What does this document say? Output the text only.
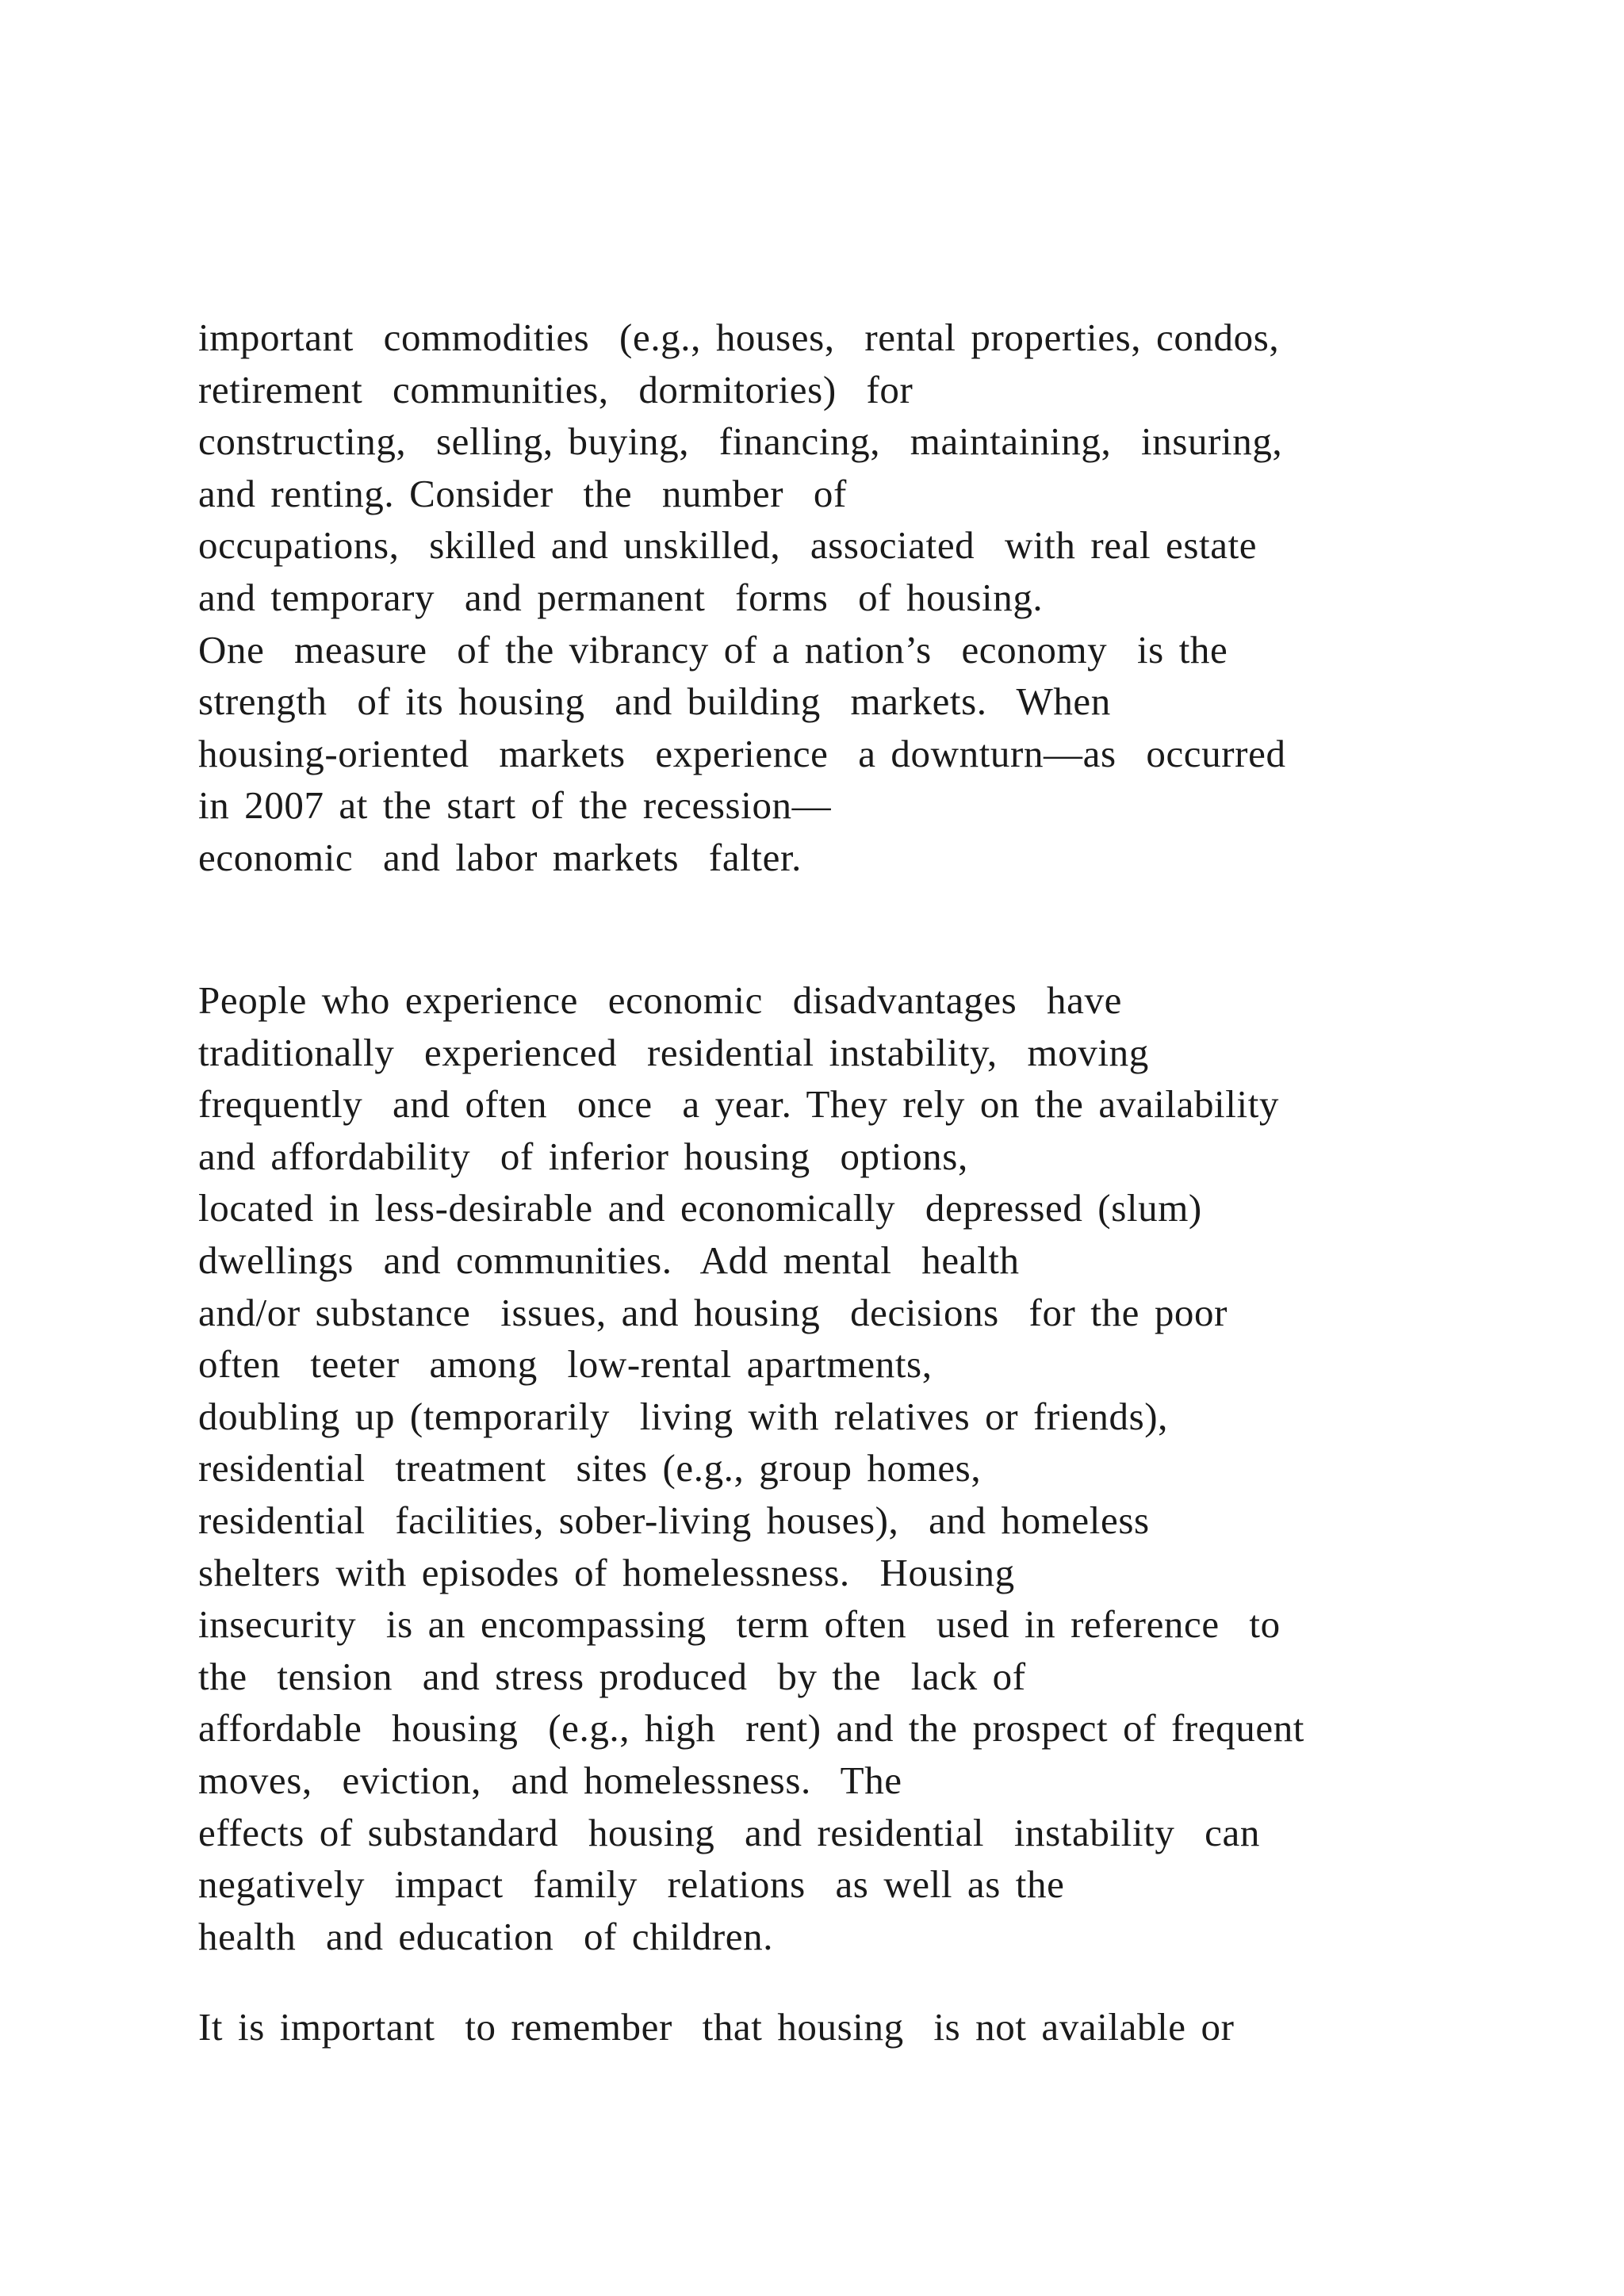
important  commodities  (e.g., houses,  rental properties, condos,
retirement  communities,  dormitories)  for
constructing,  selling, buying,  financing,  maintaining,  insuring,
and renting. Consider  the  number  of
occupations,  skilled and unskilled,  associated  with real estate
and temporary  and permanent  forms  of housing.
One  measure  of the vibrancy of a nation’s  economy  is the
strength  of its housing  and building  markets.  When
housing-oriented  markets  experience  a downturn—as  occurred
in 2007 at the start of the recession—
economic  and labor markets  falter.
People who experience  economic  disadvantages  have
traditionally  experienced  residential instability,  moving
frequently  and often  once  a year. They rely on the availability
and affordability  of inferior housing  options,
located in less-desirable and economically  depressed (slum)
dwellings  and communities.  Add mental  health
and/or substance  issues, and housing  decisions  for the poor
often  teeter  among  low-rental apartments,
doubling up (temporarily  living with relatives or friends),
residential  treatment  sites (e.g., group homes,
residential  facilities, sober-living houses),  and homeless
shelters with episodes of homelessness.  Housing
insecurity  is an encompassing  term often  used in reference  to
the  tension  and stress produced  by the  lack of
affordable  housing  (e.g., high  rent) and the prospect of frequent
moves,  eviction,  and homelessness.  The
effects of substandard  housing  and residential  instability  can
negatively  impact  family  relations  as well as the
health  and education  of children.
It is important  to remember  that housing  is not available or
